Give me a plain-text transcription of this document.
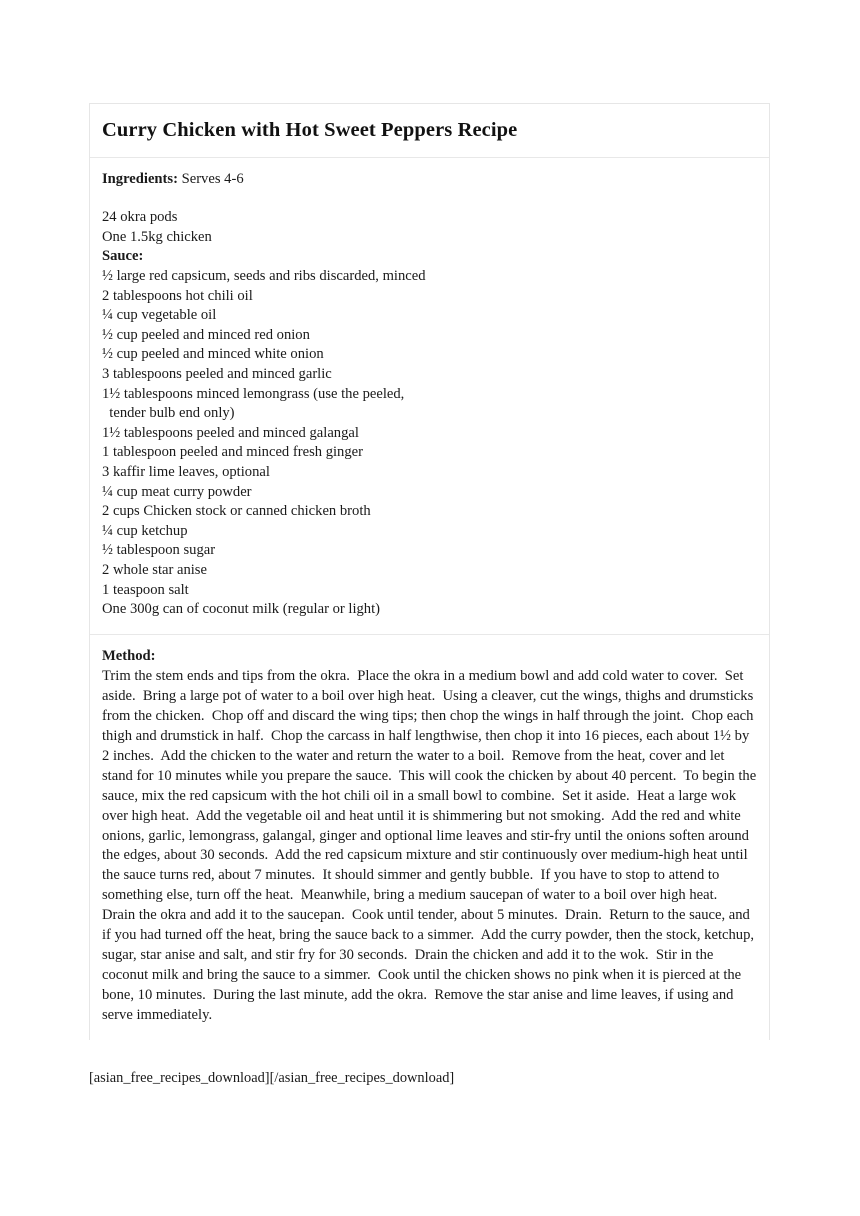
Curry Chicken with Hot Sweet Peppers Recipe

Ingredients: Serves 4-6

24 okra pods
One 1.5kg chicken
Sauce:
½ large red capsicum, seeds and ribs discarded, minced
2 tablespoons hot chili oil
¼ cup vegetable oil
½ cup peeled and minced red onion
½ cup peeled and minced white onion
3 tablespoons peeled and minced garlic
1½ tablespoons minced lemongrass (use the peeled,
tender bulb end only)
1½ tablespoons peeled and minced galangal
1 tablespoon peeled and minced fresh ginger
3 kaffir lime leaves, optional
¼ cup meat curry powder
2 cups Chicken stock or canned chicken broth
¼ cup ketchup
½ tablespoon sugar
2 whole star anise
1 teaspoon salt
One 300g can of coconut milk (regular or light)

Method:

Trim the stem ends and tips from the okra.  Place the okra in a medium bowl and add cold water to cover.  Set aside.  Bring a large pot of water to a boil over high heat.  Using a cleaver, cut the wings, thighs and drumsticks from the chicken.  Chop off and discard the wing tips; then chop the wings in half through the joint.  Chop each thigh and drumstick in half.  Chop the carcass in half lengthwise, then chop it into 16 pieces, each about 1½ by 2 inches.  Add the chicken to the water and return the water to a boil.  Remove from the heat, cover and let stand for 10 minutes while you prepare the sauce.  This will cook the chicken by about 40 percent.  To begin the sauce, mix the red capsicum with the hot chili oil in a small bowl to combine.  Set it aside.  Heat a large wok over high heat.  Add the vegetable oil and heat until it is shimmering but not smoking.  Add the red and white onions, garlic, lemongrass, galangal, ginger and optional lime leaves and stir-fry until the onions soften around the edges, about 30 seconds.  Add the red capsicum mixture and stir continuously over medium-high heat until the sauce turns red, about 7 minutes.  It should simmer and gently bubble.  If you have to stop to attend to something else, turn off the heat.  Meanwhile, bring a medium saucepan of water to a boil over high heat.  Drain the okra and add it to the saucepan.  Cook until tender, about 5 minutes.  Drain.  Return to the sauce, and if you had turned off the heat, bring the sauce back to a simmer.  Add the curry powder, then the stock, ketchup, sugar, star anise and salt, and stir fry for 30 seconds.  Drain the chicken and add it to the wok.  Stir in the coconut milk and bring the sauce to a simmer.  Cook until the chicken shows no pink when it is pierced at the bone, 10 minutes.  During the last minute, add the okra.  Remove the star anise and lime leaves, if using and serve immediately.

[asian_free_recipes_download][/asian_free_recipes_download]
